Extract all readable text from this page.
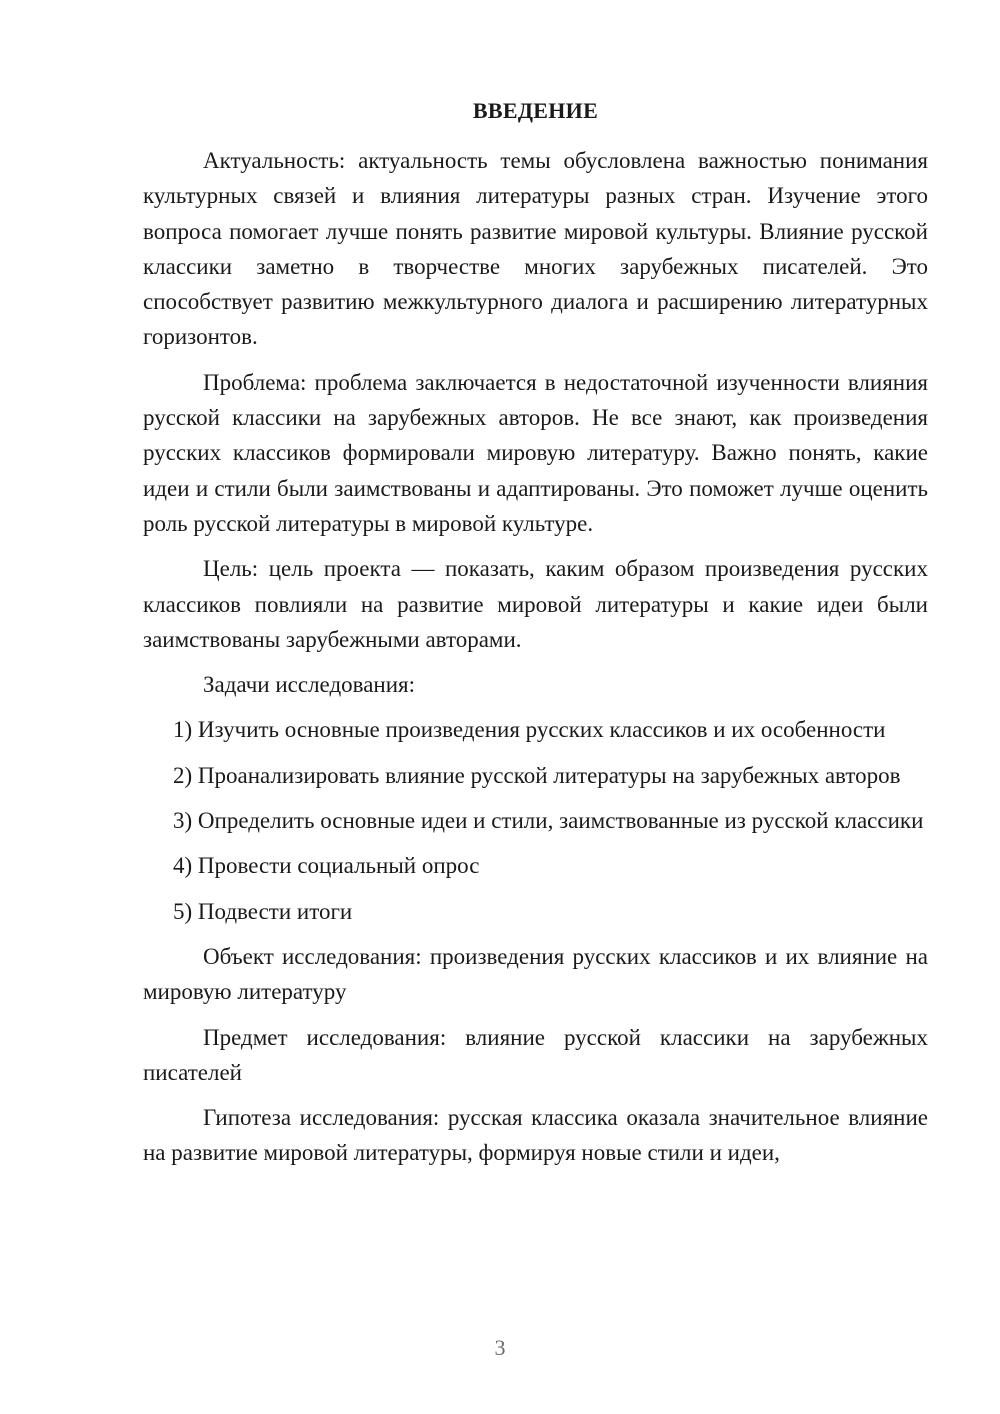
ВВЕДЕНИЕ

Актуальность: актуальность темы обусловлена важностью понимания культурных связей и влияния литературы разных стран. Изучение этого вопроса помогает лучше понять развитие мировой культуры. Влияние русской классики заметно в творчестве многих зарубежных писателей. Это способствует развитию межкультурного диалога и расширению литературных горизонтов.

Проблема: проблема заключается в недостаточной изученности влияния русской классики на зарубежных авторов. Не все знают, как произведения русских классиков формировали мировую литературу. Важно понять, какие идеи и стили были заимствованы и адаптированы. Это поможет лучше оценить роль русской литературы в мировой культуре.

Цель: цель проекта — показать, каким образом произведения русских классиков повлияли на развитие мировой литературы и какие идеи были заимствованы зарубежными авторами.

Задачи исследования:

1) Изучить основные произведения русских классиков и их особенности

2) Проанализировать влияние русской литературы на зарубежных авторов

3) Определить основные идеи и стили, заимствованные из русской классики

4) Провести социальный опрос

5) Подвести итоги

Объект исследования: произведения русских классиков и их влияние на мировую литературу

Предмет исследования: влияние русской классики на зарубежных писателей

Гипотеза исследования: русская классика оказала значительное влияние на развитие мировой литературы, формируя новые стили и идеи,

3
